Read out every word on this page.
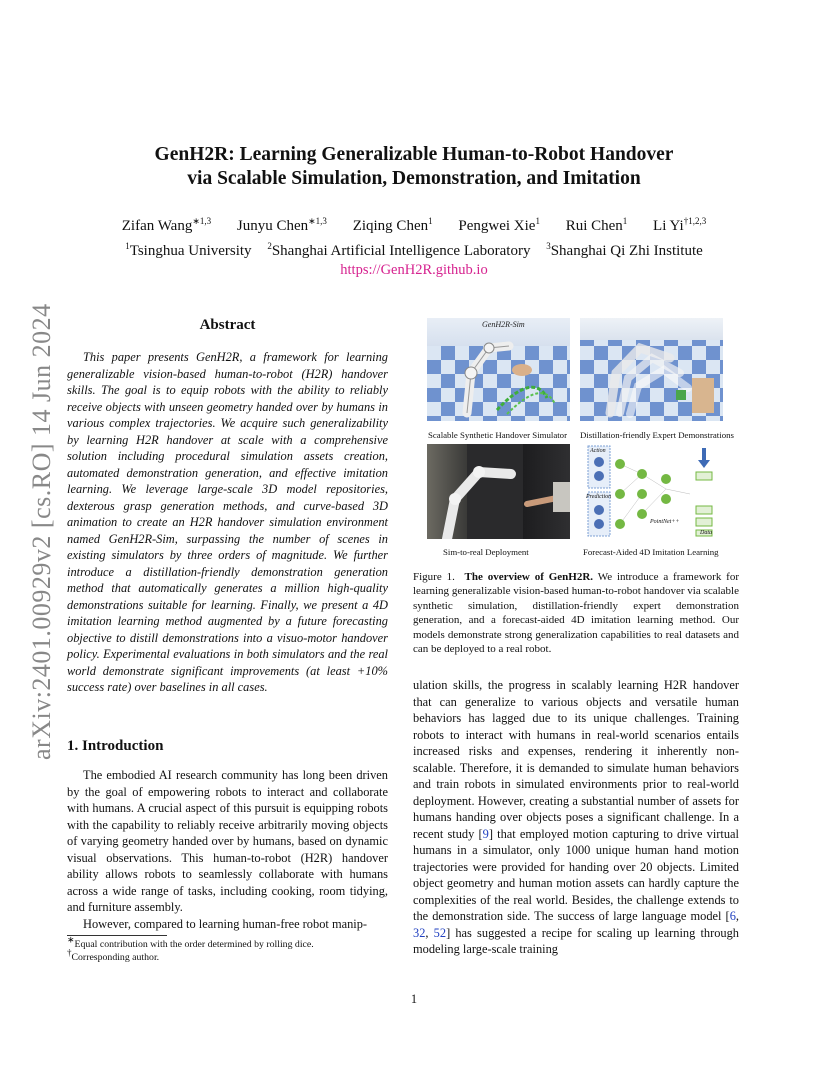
GenH2R: Learning Generalizable Human-to-Robot Handover
via Scalable Simulation, Demonstration, and Imitation
Zifan Wang$^{∗1,3}$ Junyu Chen$^{∗1,3}$ Ziqing Chen$^1$ Pengwei Xie$^1$ Rui Chen$^1$ Li Yi$^{\dagger 1,2,3}$
$^1$Tsinghua University $^2$Shanghai Artificial Intelligence Laboratory $^3$Shanghai Qi Zhi Institute
https://GenH2R.github.io
arXiv:2401.00929v2 [cs.RO] 14 Jun 2024	Abstract
This paper presents GenH2R, a framework for learning generalizable vision-based human-to-robot (H2R) handover skills. The goal is to equip robots with the ability to reliably receive objects with unseen geometry handed over by humans in various complex trajectories. We acquire such generalizability by learning H2R handover at scale with a comprehensive solution including procedural simulation assets creation, automated demonstration generation, and effective imitation learning. We leverage large-scale 3D model repositories, dexterous grasp generation methods, and curve-based 3D animation to create an H2R handover simulation environment named GenH2R-Sim, surpassing the number of scenes in existing simulators by three orders of magnitude. We further introduce a distillation-friendly demonstration generation method that automatically generates a million high-quality demonstrations suitable for learning. Finally, we present a 4D imitation learning method augmented by a future forecasting objective to distill demonstrations into a visuo-motor handover policy. Experimental evaluations in both simulators and the real world demonstrate significant improvements (at least +10% success rate) over baselines in all cases.
1. Introduction

The embodied AI research community has long been driven by the goal of empowering robots to interact and collaborate with humans. A crucial aspect of this pursuit is equipping robots with the capability to reliably receive arbitrarily moving objects of varying geometry handed over by humans, based on dynamic visual observations. This human-to-robot (H2R) handover ability allows robots to seamlessly collaborate with humans across a wide range of tasks, including cooking, room tidying, and furniture assembly.

However, compared to learning human-free robot manip-

∗Equal contribution with the order determined by rolling dice.
†Corresponding author.
GenH2R-Sim
Scalable Synthetic Handover Simulator Distillation-friendly Expert Demonstrations
Sim-to-real Deployment
Action
Prediction
PointNet++
Data
Forecast-Aided 4D Imitation Learning
Figure 1. The overview of GenH2R. We introduce a framework for learning generalizable vision-based human-to-robot handover via scalable synthetic simulation, distillation-friendly expert demonstration generation, and a forecast-aided 4D imitation learning method. Our models demonstrate strong generalization capabilities to real datasets and can be deployed to a real robot.
ulation skills, the progress in scalably learning H2R handover that can generalize to various objects and versatile human behaviors has lagged due to its unique challenges. Training robots to interact with humans in real-world scenarios entails increased risks and expenses, rendering it inherently non-scalable. Therefore, it is demanded to simulate human behaviors and train robots in simulated environments prior to real-world deployment. However, creating a substantial number of assets for humans handing over objects poses a significant challenge. In a recent study [9] that employed motion capturing to drive virtual humans in a simulator, only 1000 unique human hand motion trajectories were provided for handing over 20 objects. Limited object geometry and human motion assets can hardly capture the complexities of the real world. Besides, the challenge extends to the demonstration side. The success of large language model [6, 32, 52] has suggested a recipe for scaling up learning through modeling large-scale training
1
